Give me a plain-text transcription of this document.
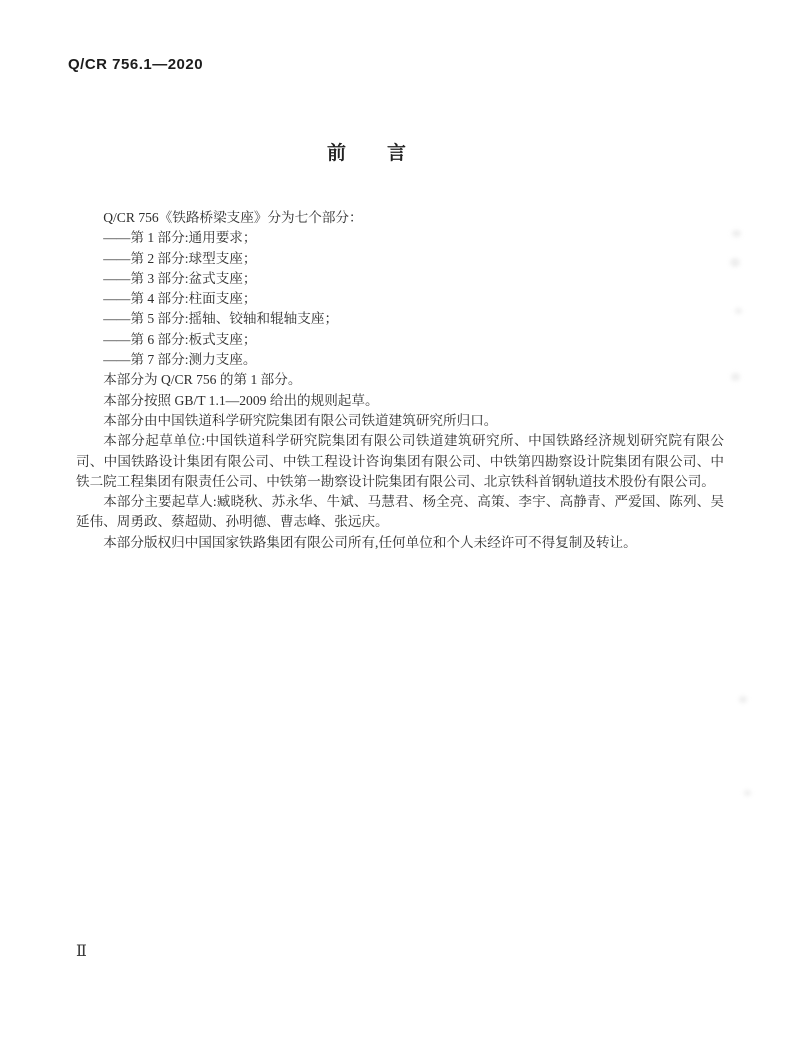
Q/CR 756.1—2020
前　　言

Q/CR 756《铁路桥梁支座》分为七个部分：

——第 1 部分:通用要求；

——第 2 部分:球型支座；

——第 3 部分:盆式支座；

——第 4 部分:柱面支座；

——第 5 部分:摇轴、铰轴和辊轴支座；

——第 6 部分:板式支座；

——第 7 部分:测力支座。

本部分为 Q/CR 756 的第 1 部分。

本部分按照 GB/T 1.1—2009 给出的规则起草。

本部分由中国铁道科学研究院集团有限公司铁道建筑研究所归口。

本部分起草单位:中国铁道科学研究院集团有限公司铁道建筑研究所、中国铁路经济规划研究院有限公司、中国铁路设计集团有限公司、中铁工程设计咨询集团有限公司、中铁第四勘察设计院集团有限公司、中铁二院工程集团有限责任公司、中铁第一勘察设计院集团有限公司、北京铁科首钢轨道技术股份有限公司。

本部分主要起草人:臧晓秋、苏永华、牛斌、马慧君、杨全亮、高策、李宇、高静青、严爱国、陈列、吴延伟、周勇政、蔡超勋、孙明德、曹志峰、张远庆。

本部分版权归中国国家铁路集团有限公司所有,任何单位和个人未经许可不得复制及转让。

Ⅱ
